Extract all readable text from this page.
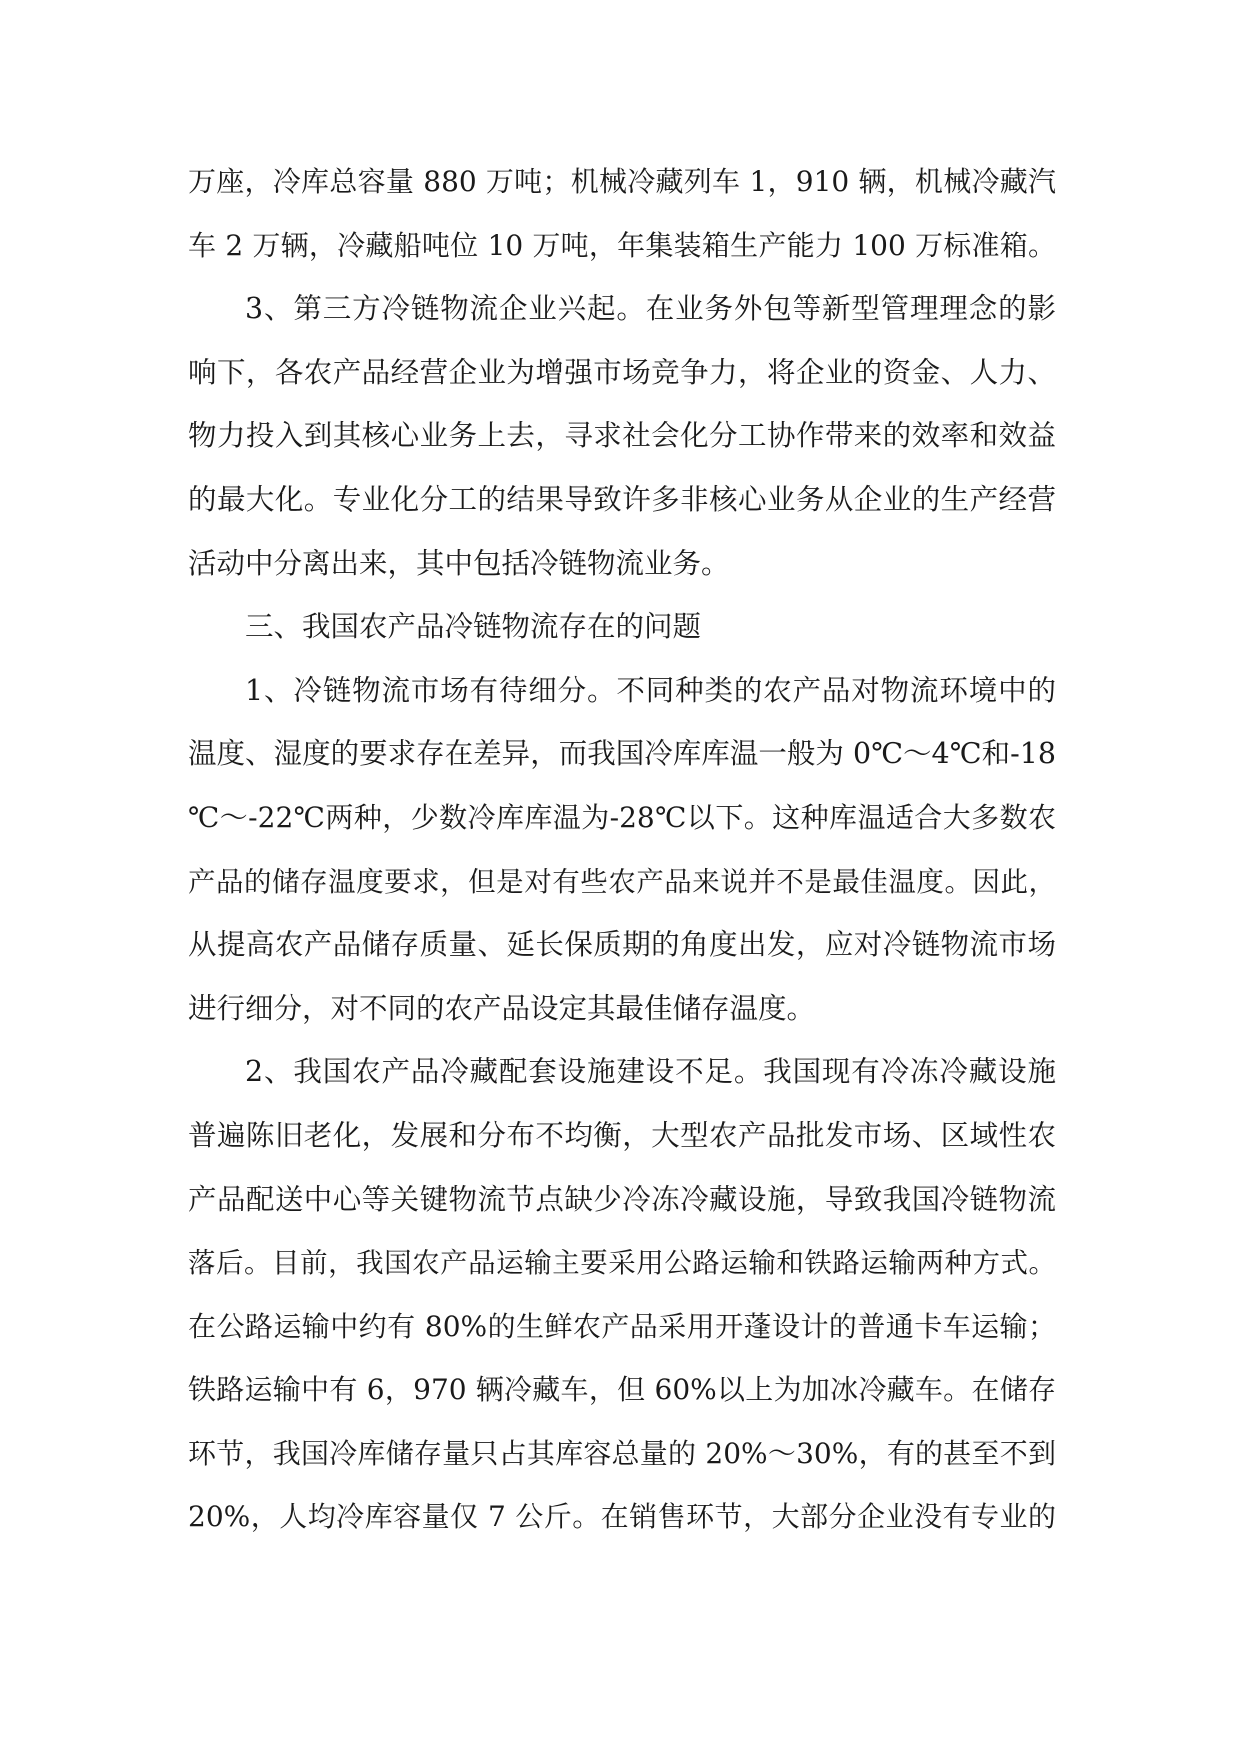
万座，冷库总容量 880 万吨；机械冷藏列车 1，910 辆，机械冷藏汽
车 2 万辆，冷藏船吨位 10 万吨，年集装箱生产能力 100 万标准箱。
3、第三方冷链物流企业兴起。在业务外包等新型管理理念的影
响下，各农产品经营企业为增强市场竞争力，将企业的资金、人力、
物力投入到其核心业务上去，寻求社会化分工协作带来的效率和效益
的最大化。专业化分工的结果导致许多非核心业务从企业的生产经营
活动中分离出来，其中包括冷链物流业务。
三、我国农产品冷链物流存在的问题
1、冷链物流市场有待细分。不同种类的农产品对物流环境中的
温度、湿度的要求存在差异，而我国冷库库温一般为 0℃～4℃和-18
℃～-22℃两种，少数冷库库温为-28℃以下。这种库温适合大多数农
产品的储存温度要求，但是对有些农产品来说并不是最佳温度。因此，
从提高农产品储存质量、延长保质期的角度出发，应对冷链物流市场
进行细分，对不同的农产品设定其最佳储存温度。
2、我国农产品冷藏配套设施建设不足。我国现有冷冻冷藏设施
普遍陈旧老化，发展和分布不均衡，大型农产品批发市场、区域性农
产品配送中心等关键物流节点缺少冷冻冷藏设施，导致我国冷链物流
落后。目前，我国农产品运输主要采用公路运输和铁路运输两种方式。
在公路运输中约有 80%的生鲜农产品采用开蓬设计的普通卡车运输；
铁路运输中有 6，970 辆冷藏车，但 60%以上为加冰冷藏车。在储存
环节，我国冷库储存量只占其库容总量的 20%～30%，有的甚至不到
20%，人均冷库容量仅 7 公斤。在销售环节，大部分企业没有专业的
